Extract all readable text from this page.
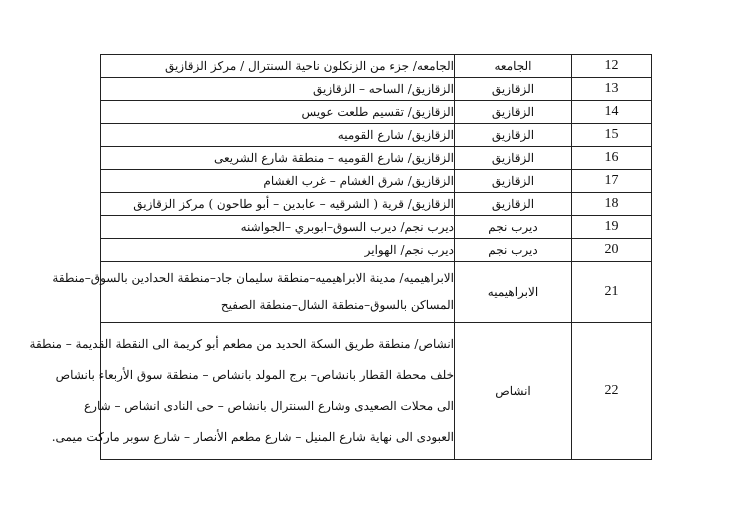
الجامعه/ جزء من الزنكلون ناحية السنترال / مركز الزقازيق	الجامعه	12

الزقازيق/ الساحه – الزقازيق	الزقازيق	13

الزقازيق/ تقسيم طلعت عويس	الزقازيق	14

الزقازيق/ شارع القوميه	الزقازيق	15

الزقازيق/ شارع القوميه – منطقة شارع الشريعى	الزقازيق	16

الزقازيق/ شرق الغشام – غرب الغشام	الزقازيق	17

الزقازيق/ قرية ( الشرقيه – عابدين – أبو طاحون ) مركز الزقازيق	الزقازيق	18

ديرب نجم/ ديرب السوق–ابوبري –الجواشنه	ديرب نجم	19

ديرب نجم/ الهواير	ديرب نجم	20

الابراهيميه/ مدينة الابراهيميه–منطقة سليمان جاد–منطقة الحدادين بالسوق–منطقة
المساكن بالسوق–منطقة الشال–منطقة الصفيح	الابراهيميه	21

انشاص/ منطقة طريق السكة الحديد من مطعم أبو كريمة الى النقطة القديمة – منطقة
خلف محطة القطار بانشاص– برج المولد بانشاص – منطقة سوق الأربعاء بانشاص
الى محلات الصعيدى وشارع السنترال بانشاص – حى النادى انشاص – شارع
العبودى الى نهاية شارع المنيل – شارع مطعم الأنصار – شارع سوبر ماركت ميمى.	انشاص	22
